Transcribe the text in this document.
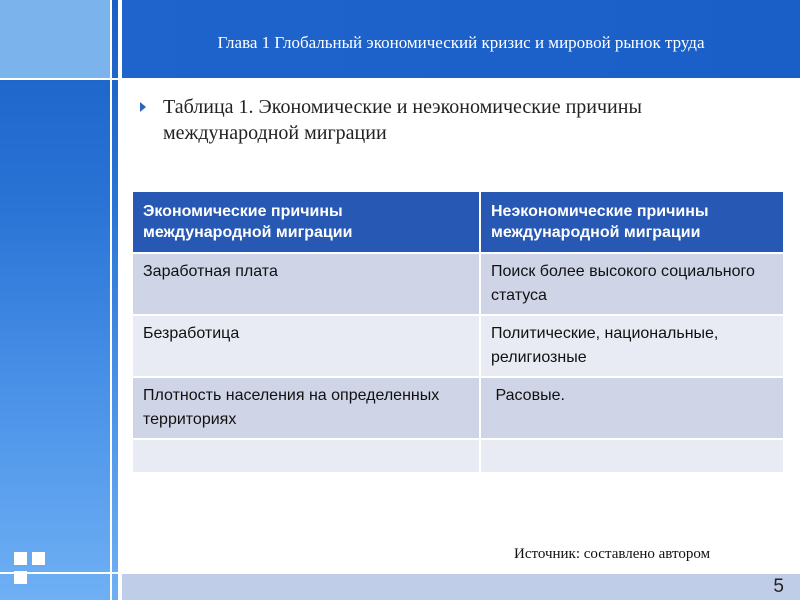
Глава 1 Глобальный экономический кризис и мировой рынок труда
Таблица 1. Экономические и неэкономические причины международной миграции
Экономические причины международной миграции	Неэкономические причины международной миграции
Заработная плата	Поиск более высокого социального статуса
Безработица	Политические, национальные, религиозные
Плотность населения на определенных территориях	Расовые.

Источник: составлено автором
5
